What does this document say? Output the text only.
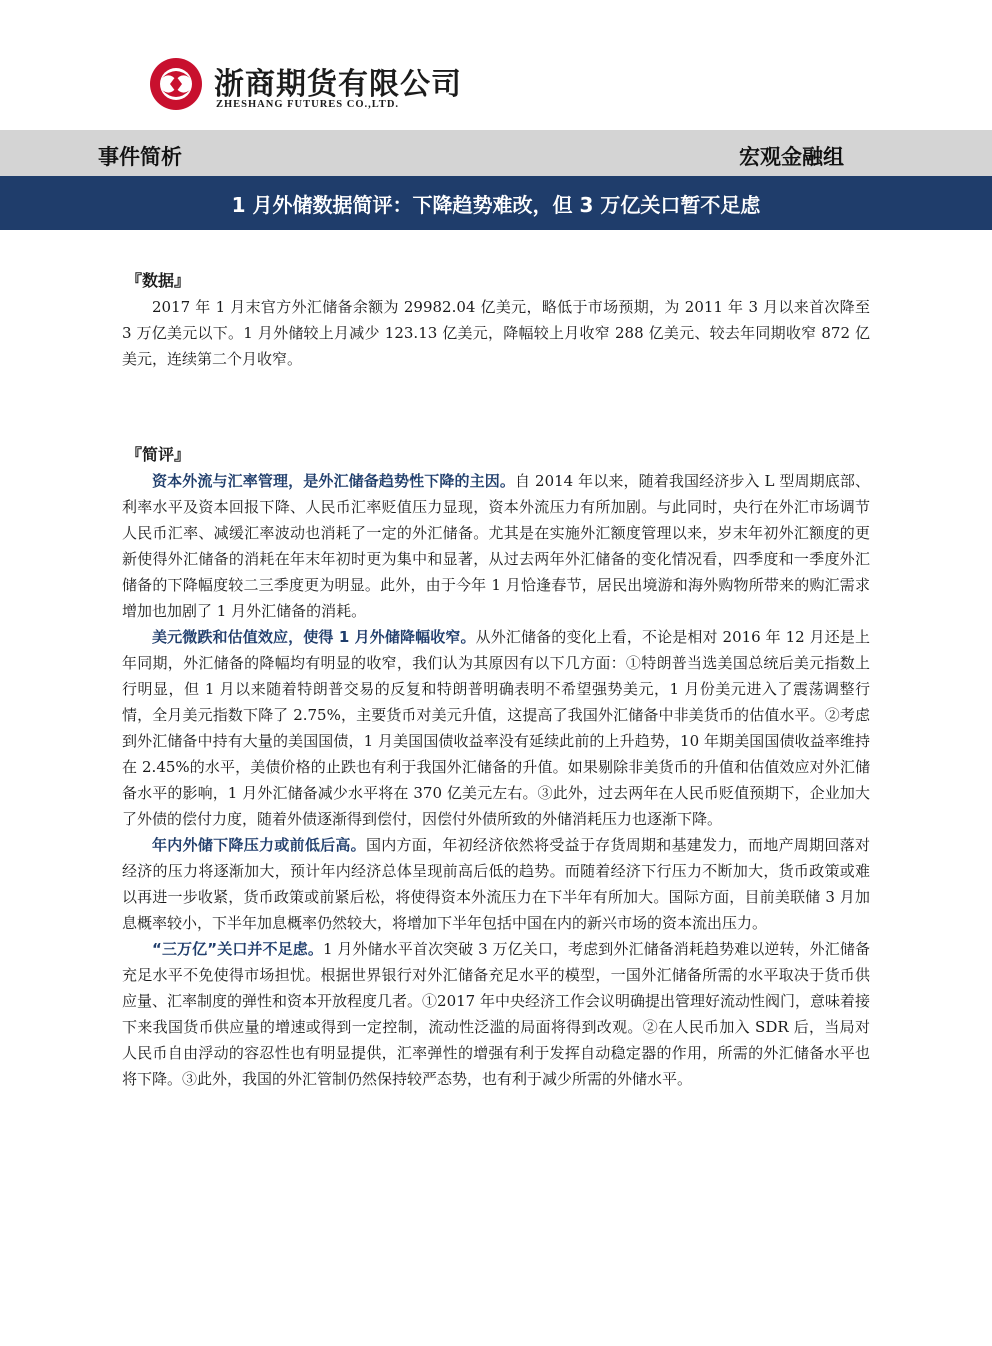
浙商期货有限公司
ZHESHANG FUTURES CO.,LTD.
事件简析	宏观金融组
1 月外储数据简评：下降趋势难改，但 3 万亿关口暂不足虑
『数据』

2017 年 1 月末官方外汇储备余额为 29982.04 亿美元，略低于市场预期，为 2011 年 3 月以来首次降至 3 万亿美元以下。1 月外储较上月减少 123.13 亿美元，降幅较上月收窄 288 亿美元、较去年同期收窄 872 亿美元，连续第二个月收窄。

『简评』

资本外流与汇率管理，是外汇储备趋势性下降的主因。自 2014 年以来，随着我国经济步入 L 型周期底部、利率水平及资本回报下降、人民币汇率贬值压力显现，资本外流压力有所加剧。与此同时，央行在外汇市场调节人民币汇率、减缓汇率波动也消耗了一定的外汇储备。尤其是在实施外汇额度管理以来，岁末年初外汇额度的更新使得外汇储备的消耗在年末年初时更为集中和显著，从过去两年外汇储备的变化情况看，四季度和一季度外汇储备的下降幅度较二三季度更为明显。此外，由于今年 1 月恰逢春节，居民出境游和海外购物所带来的购汇需求增加也加剧了 1 月外汇储备的消耗。

美元微跌和估值效应，使得 1 月外储降幅收窄。从外汇储备的变化上看，不论是相对 2016 年 12 月还是上年同期，外汇储备的降幅均有明显的收窄，我们认为其原因有以下几方面：①特朗普当选美国总统后美元指数上行明显，但 1 月以来随着特朗普交易的反复和特朗普明确表明不希望强势美元，1 月份美元进入了震荡调整行情，全月美元指数下降了 2.75%，主要货币对美元升值，这提高了我国外汇储备中非美货币的估值水平。②考虑到外汇储备中持有大量的美国国债，1 月美国国债收益率没有延续此前的上升趋势，10 年期美国国债收益率维持在 2.45%的水平，美债价格的止跌也有利于我国外汇储备的升值。如果剔除非美货币的升值和估值效应对外汇储备水平的影响，1 月外汇储备减少水平将在 370 亿美元左右。③此外，过去两年在人民币贬值预期下，企业加大了外债的偿付力度，随着外债逐渐得到偿付，因偿付外债所致的外储消耗压力也逐渐下降。

年内外储下降压力或前低后高。国内方面，年初经济依然将受益于存货周期和基建发力，而地产周期回落对经济的压力将逐渐加大，预计年内经济总体呈现前高后低的趋势。而随着经济下行压力不断加大，货币政策或难以再进一步收紧，货币政策或前紧后松，将使得资本外流压力在下半年有所加大。国际方面，目前美联储 3 月加息概率较小，下半年加息概率仍然较大，将增加下半年包括中国在内的新兴市场的资本流出压力。

“三万亿”关口并不足虑。1 月外储水平首次突破 3 万亿关口，考虑到外汇储备消耗趋势难以逆转，外汇储备充足水平不免使得市场担忧。根据世界银行对外汇储备充足水平的模型，一国外汇储备所需的水平取决于货币供应量、汇率制度的弹性和资本开放程度几者。①2017 年中央经济工作会议明确提出管理好流动性阀门，意味着接下来我国货币供应量的增速或得到一定控制，流动性泛滥的局面将得到改观。②在人民币加入 SDR 后，当局对人民币自由浮动的容忍性也有明显提供，汇率弹性的增强有利于发挥自动稳定器的作用，所需的外汇储备水平也将下降。③此外，我国的外汇管制仍然保持较严态势，也有利于减少所需的外储水平。
